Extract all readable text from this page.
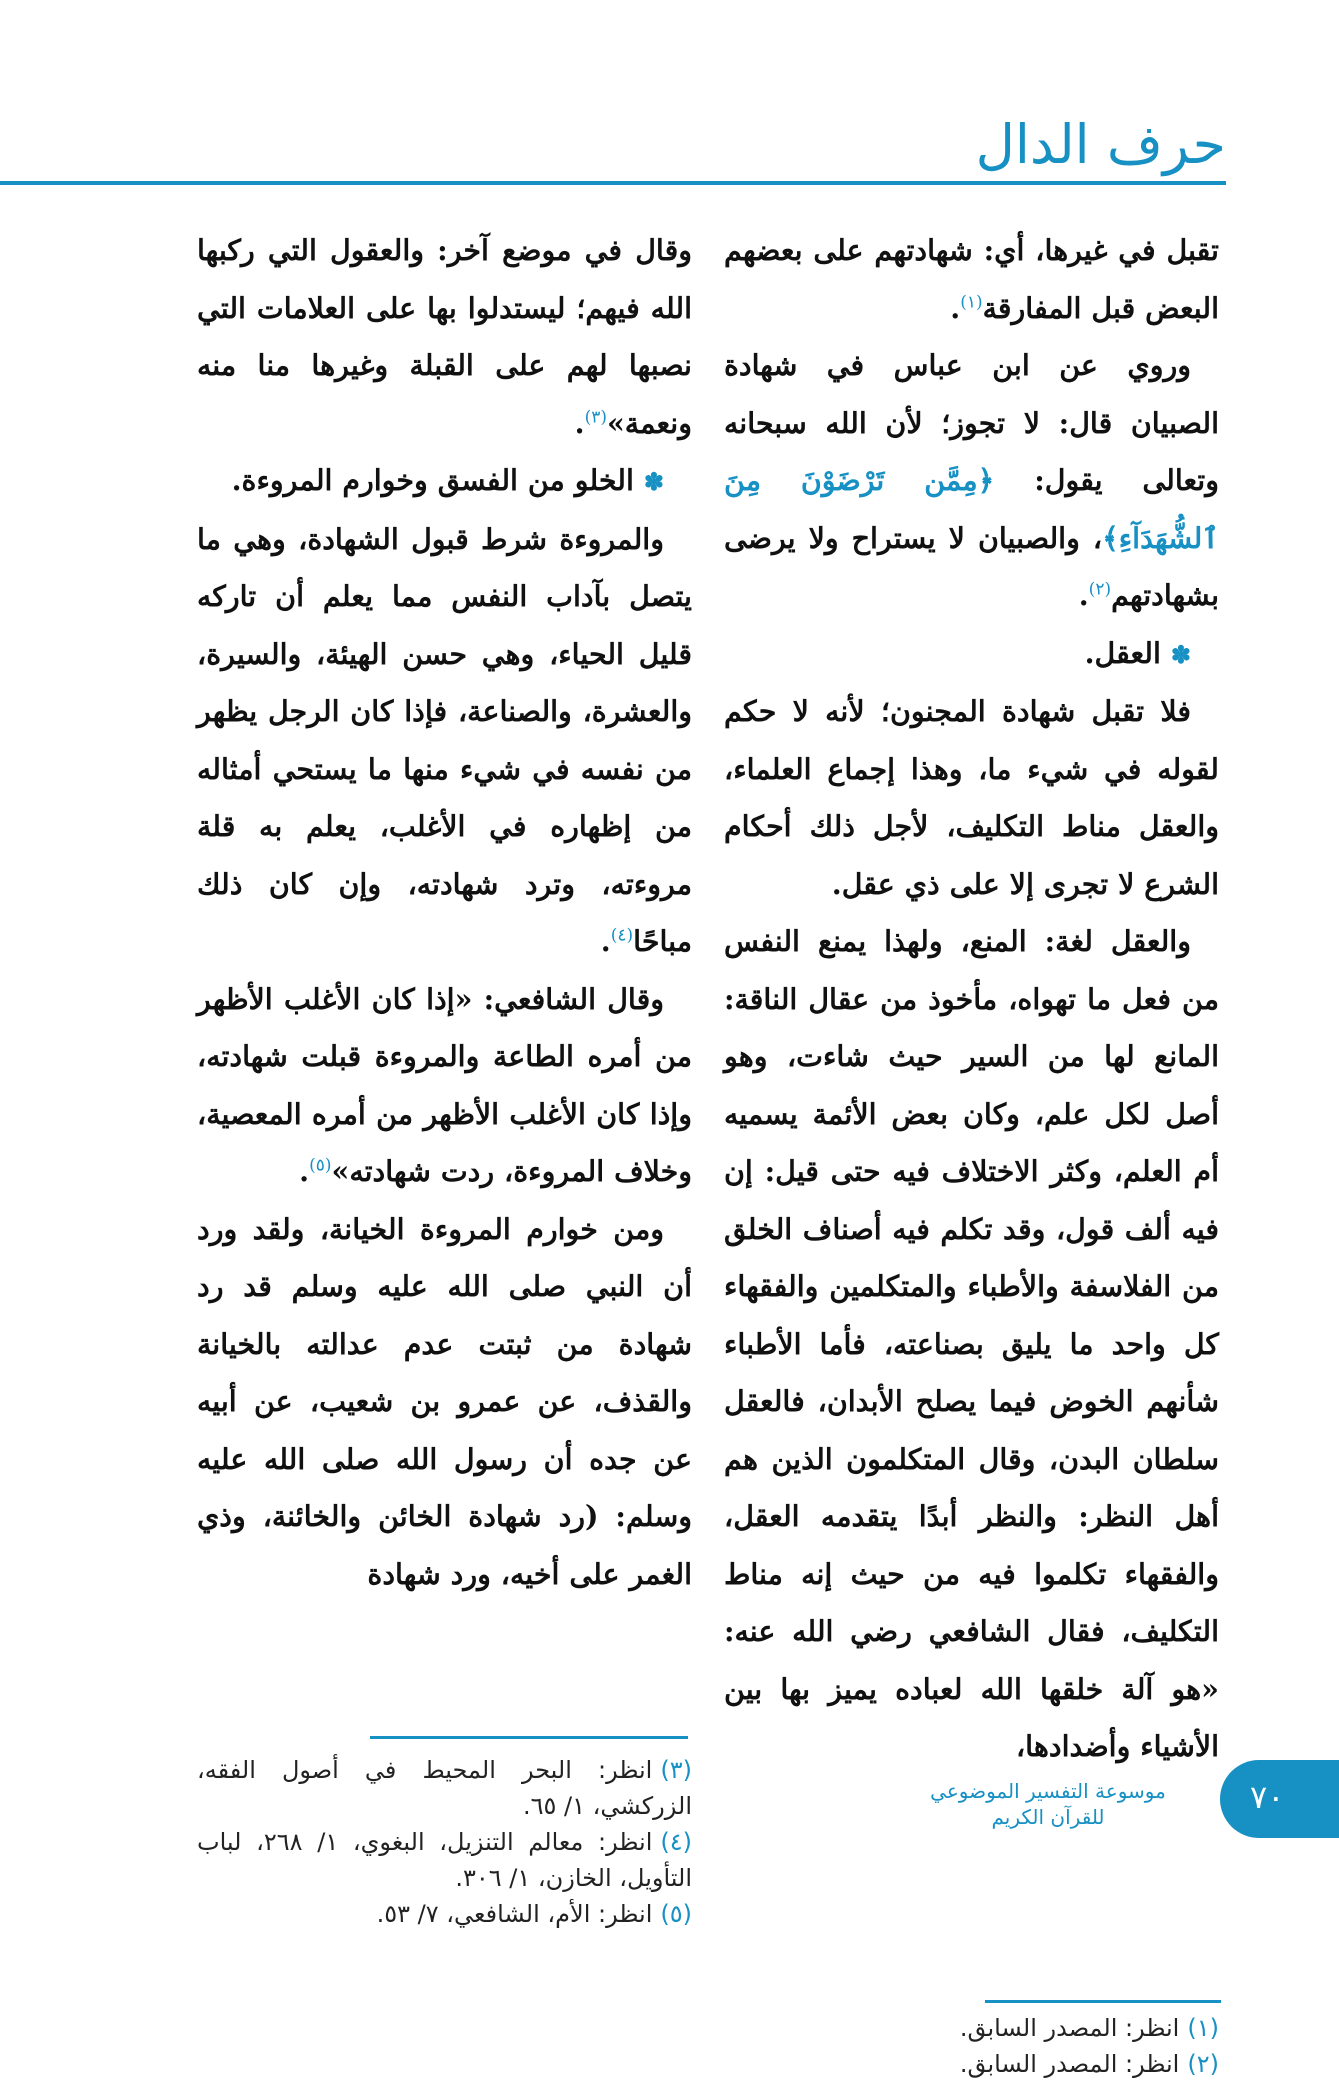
حرف الدال

تقبل في غيرها، أي: شهادتهم على بعضهم البعض قبل المفارقة$^{(١)}$.

وروي عن ابن عباس في شهادة الصبيان قال: لا تجوز؛ لأن الله سبحانه وتعالى يقول: ﴿مِمَّن تَرْضَوْنَ مِنَ ٱلشُّهَدَآءِ﴾، والصبيان لا يستراح ولا يرضى بشهادتهم$^{(٢)}$.

✽العقل.

فلا تقبل شهادة المجنون؛ لأنه لا حكم لقوله في شيء ما، وهذا إجماع العلماء، والعقل مناط التكليف، لأجل ذلك أحكام الشرع لا تجرى إلا على ذي عقل.

والعقل لغة: المنع، ولهذا يمنع النفس من فعل ما تهواه، مأخوذ من عقال الناقة: المانع لها من السير حيث شاءت، وهو أصل لكل علم، وكان بعض الأئمة يسميه أم العلم، وكثر الاختلاف فيه حتى قيل: إن فيه ألف قول، وقد تكلم فيه أصناف الخلق من الفلاسفة والأطباء والمتكلمين والفقهاء كل واحد ما يليق بصناعته، فأما الأطباء شأنهم الخوض فيما يصلح الأبدان، فالعقل سلطان البدن، وقال المتكلمون الذين هم أهل النظر: والنظر أبدًا يتقدمه العقل، والفقهاء تكلموا فيه من حيث إنه مناط التكليف، فقال الشافعي رضي الله عنه: «هو آلة خلقها الله لعباده يميز بها بين الأشياء وأضدادها،

وقال في موضع آخر: والعقول التي ركبها الله فيهم؛ ليستدلوا بها على العلامات التي نصبها لهم على القبلة وغيرها منا منه ونعمة»$^{(٣)}$.

✽الخلو من الفسق وخوارم المروءة.

والمروءة شرط قبول الشهادة، وهي ما يتصل بآداب النفس مما يعلم أن تاركه قليل الحياء، وهي حسن الهيئة، والسيرة، والعشرة، والصناعة، فإذا كان الرجل يظهر من نفسه في شيء منها ما يستحي أمثاله من إظهاره في الأغلب، يعلم به قلة مروءته، وترد شهادته، وإن كان ذلك مباحًا$^{(٤)}$.

وقال الشافعي: «إذا كان الأغلب الأظهر من أمره الطاعة والمروءة قبلت شهادته، وإذا كان الأغلب الأظهر من أمره المعصية، وخلاف المروءة، ردت شهادته»$^{(٥)}$.

ومن خوارم المروءة الخيانة، ولقد ورد أن النبي صلى الله عليه وسلم قد رد شهادة من ثبتت عدم عدالته بالخيانة والقذف، عن عمرو بن شعيب، عن أبيه عن جده أن رسول الله صلى الله عليه وسلم: (رد شهادة الخائن والخائنة، وذي الغمر على أخيه، ورد شهادة

(٣)انظر: البحر المحيط في أصول الفقه، الزركشي، ١/ ٦٥.
(٤)انظر: معالم التنزيل، البغوي، ١/ ٢٦٨، لباب التأويل، الخازن، ١/ ٣٠٦.
(٥)انظر: الأم، الشافعي، ٧/ ٥٣.
(١)انظر: المصدر السابق.
(٢)انظر: المصدر السابق.
٧٠
موسوعة التفسير الموضوعي للقرآن الكريم
